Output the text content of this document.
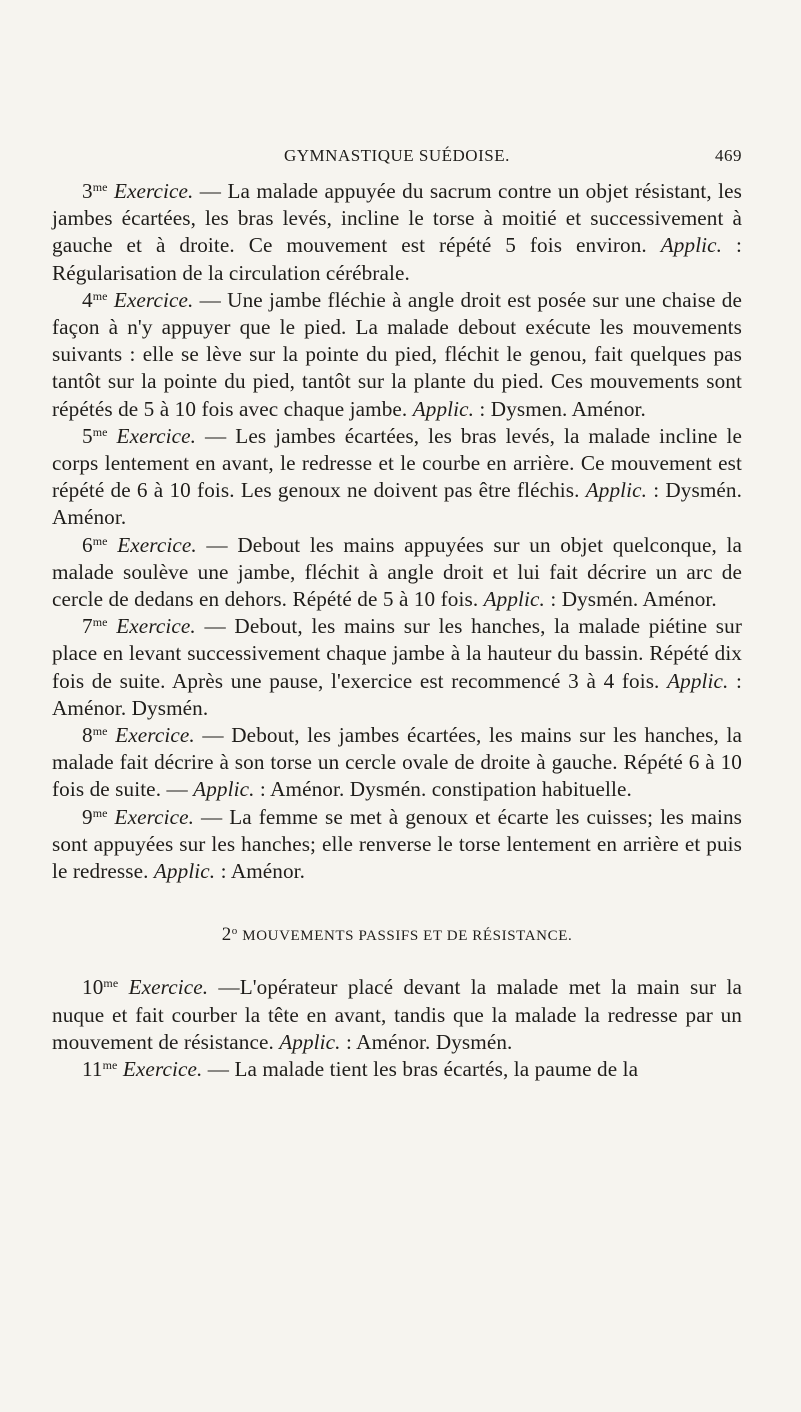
GYMNASTIQUE SUÉDOISE.	469

$3^{me}$ Exercice. — La malade appuyée du sacrum contre un objet résistant, les jambes écartées, les bras levés, incline le torse à moitié et successivement à gauche et à droite. Ce mouvement est répété 5 fois environ. Applic. : Régularisation de la circulation cérébrale.

$4^{me}$ Exercice. — Une jambe fléchie à angle droit est posée sur une chaise de façon à n'y appuyer que le pied. La malade debout exécute les mouvements suivants : elle se lève sur la pointe du pied, fléchit le genou, fait quelques pas tantôt sur la pointe du pied, tantôt sur la plante du pied. Ces mouvements sont répétés de 5 à 10 fois avec chaque jambe. Applic. : Dysmen. Aménor.

$5^{me}$ Exercice. — Les jambes écartées, les bras levés, la malade incline le corps lentement en avant, le redresse et le courbe en arrière. Ce mouvement est répété de 6 à 10 fois. Les genoux ne doivent pas être fléchis. Applic. : Dysmén. Aménor.

$6^{me}$ Exercice. — Debout les mains appuyées sur un objet quelconque, la malade soulève une jambe, fléchit à angle droit et lui fait décrire un arc de cercle de dedans en dehors. Répété de 5 à 10 fois. Applic. : Dysmén. Aménor.

$7^{me}$ Exercice. — Debout, les mains sur les hanches, la malade piétine sur place en levant successivement chaque jambe à la hauteur du bassin. Répété dix fois de suite. Après une pause, l'exercice est recommencé 3 à 4 fois. Applic. : Aménor. Dysmén.

$8^{me}$ Exercice. — Debout, les jambes écartées, les mains sur les hanches, la malade fait décrire à son torse un cercle ovale de droite à gauche. Répété 6 à 10 fois de suite. — Applic. : Aménor. Dysmén. constipation habituelle.

$9^{me}$ Exercice. — La femme se met à genoux et écarte les cuisses; les mains sont appuyées sur les hanches; elle renverse le torse lentement en arrière et puis le redresse. Applic. : Aménor.

2$^o$ MOUVEMENTS PASSIFS ET DE RÉSISTANCE.

$10^{me}$ Exercice. —L'opérateur placé devant la malade met la main sur la nuque et fait courber la tête en avant, tandis que la malade la redresse par un mouvement de résistance. Applic. : Aménor. Dysmén.

$11^{me}$ Exercice. — La malade tient les bras écartés, la paume de la
